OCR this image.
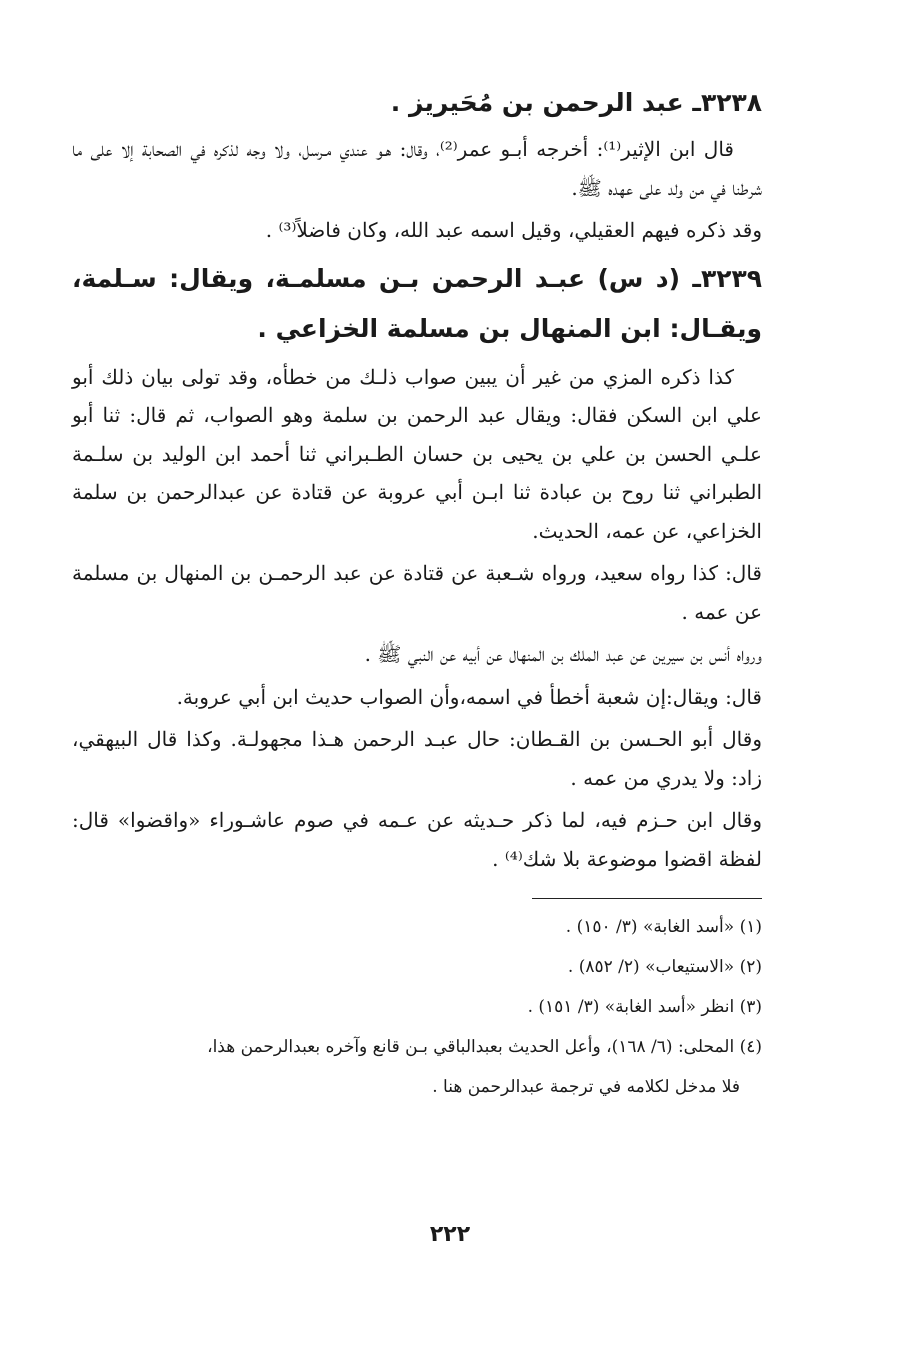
٣٢٣٨ـ عبد الرحمن بن مُحَيريز .

قال ابن الإثير⁽¹⁾: أخرجه أبـو عمر⁽²⁾، وقال: هـو عندي مـرسل، ولا وجه لذكره في الصحابة إلا على ما شرطنا في من ولد على عهده ﷺ.

وقد ذكره فيهم العقيلي، وقيل اسمه عبد الله، وكان فاضلاً⁽³⁾ .

٣٢٣٩ـ (د س) عبـد الرحمن بـن مسلمـة، ويقال: سـلمة، ويقـال: ابن المنهال بن مسلمة الخزاعي .

كذا ذكره المزي من غير أن يبين صواب ذلـك من خطأه، وقد تولى بيان ذلك أبو علي ابن السكن فقال: ويقال عبد الرحمن بن سلمة وهو الصواب، ثم قال: ثنا أبو علـي الحسن بن علي بن يحيى بن حسان الطـبراني ثنا أحمد ابن الوليد بن سلـمة الطبراني ثنا روح بن عبادة ثنا ابـن أبي عروبة عن قتادة عن عبدالرحمن بن سلمة الخزاعي، عن عمه، الحديث.

قال: كذا رواه سعيد، ورواه شـعبة عن قتادة عن عبد الرحمـن بن المنهال بن مسلمة عن عمه .

ورواه أنس بن سيرين عن عبد الملك بن المنهال عن أبيه عن النبي ﷺ .

قال: ويقال:إن شعبة أخطأ في اسمه،وأن الصواب حديث ابن أبي عروبة.

وقال أبو الحـسن بن القـطان: حال عبـد الرحمن هـذا مجهولـة. وكذا قال البيهقي، زاد: ولا يدري من عمه .

وقال ابن حـزم فيه، لما ذكر حـديثه عن عـمه في صوم عاشـوراء «واقضوا» قال: لفظة اقضوا موضوعة بلا شك⁽⁴⁾ .

(١) «أسد الغابة» (٣/ ١٥٠) .

(٢) «الاستيعاب» (٢/ ٨٥٢) .

(٣) انظر «أسد الغابة» (٣/ ١٥١) .

(٤) المحلى: (٦/ ١٦٨)، وأعل الحديث بعبدالباقي بـن قانع وآخره بعبدالرحمن هذا،

فلا مدخل لكلامه في ترجمة عبدالرحمن هنا .

٢٢٢
